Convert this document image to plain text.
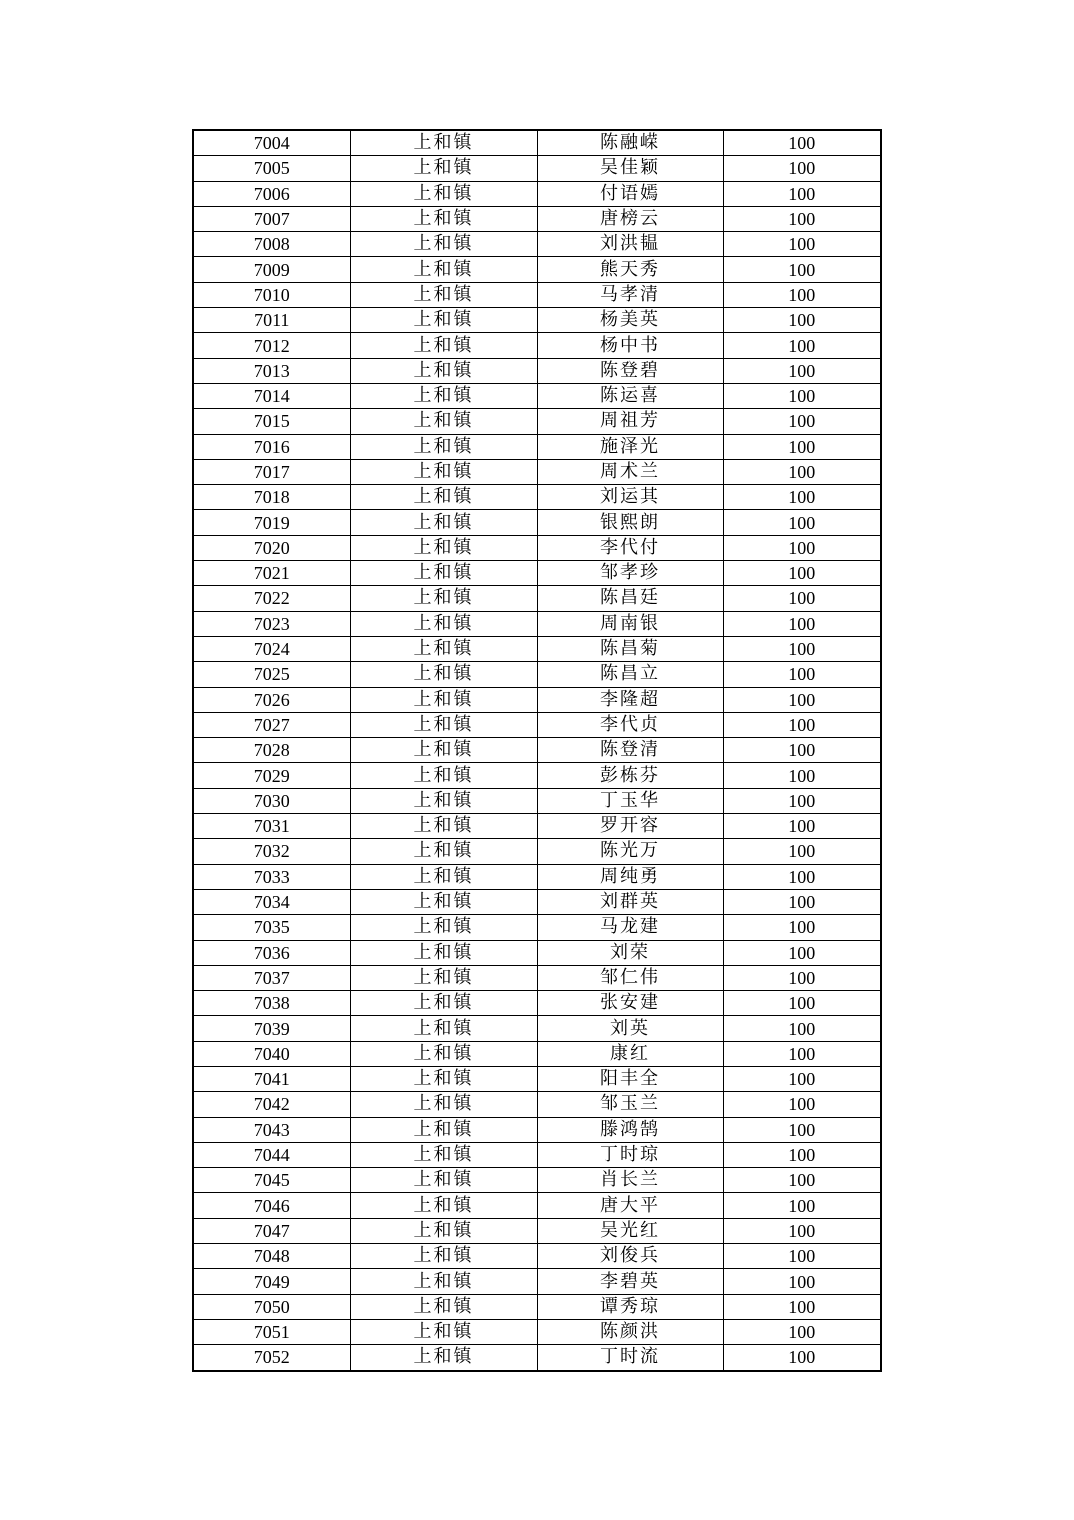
7004	上和镇	陈融嵘	100
7005	上和镇	吴佳颖	100
7006	上和镇	付语嫣	100
7007	上和镇	唐榜云	100
7008	上和镇	刘洪韫	100
7009	上和镇	熊天秀	100
7010	上和镇	马孝清	100
7011	上和镇	杨美英	100
7012	上和镇	杨中书	100
7013	上和镇	陈登碧	100
7014	上和镇	陈运喜	100
7015	上和镇	周祖芳	100
7016	上和镇	施泽光	100
7017	上和镇	周术兰	100
7018	上和镇	刘运其	100
7019	上和镇	银熙朗	100
7020	上和镇	李代付	100
7021	上和镇	邹孝珍	100
7022	上和镇	陈昌廷	100
7023	上和镇	周南银	100
7024	上和镇	陈昌菊	100
7025	上和镇	陈昌立	100
7026	上和镇	李隆超	100
7027	上和镇	李代贞	100
7028	上和镇	陈登清	100
7029	上和镇	彭栋芬	100
7030	上和镇	丁玉华	100
7031	上和镇	罗开容	100
7032	上和镇	陈光万	100
7033	上和镇	周纯勇	100
7034	上和镇	刘群英	100
7035	上和镇	马龙建	100
7036	上和镇	刘荣	100
7037	上和镇	邹仁伟	100
7038	上和镇	张安建	100
7039	上和镇	刘英	100
7040	上和镇	康红	100
7041	上和镇	阳丰全	100
7042	上和镇	邹玉兰	100
7043	上和镇	滕鸿鹄	100
7044	上和镇	丁时琼	100
7045	上和镇	肖长兰	100
7046	上和镇	唐大平	100
7047	上和镇	吴光红	100
7048	上和镇	刘俊兵	100
7049	上和镇	李碧英	100
7050	上和镇	谭秀琼	100
7051	上和镇	陈颜洪	100
7052	上和镇	丁时流	100
